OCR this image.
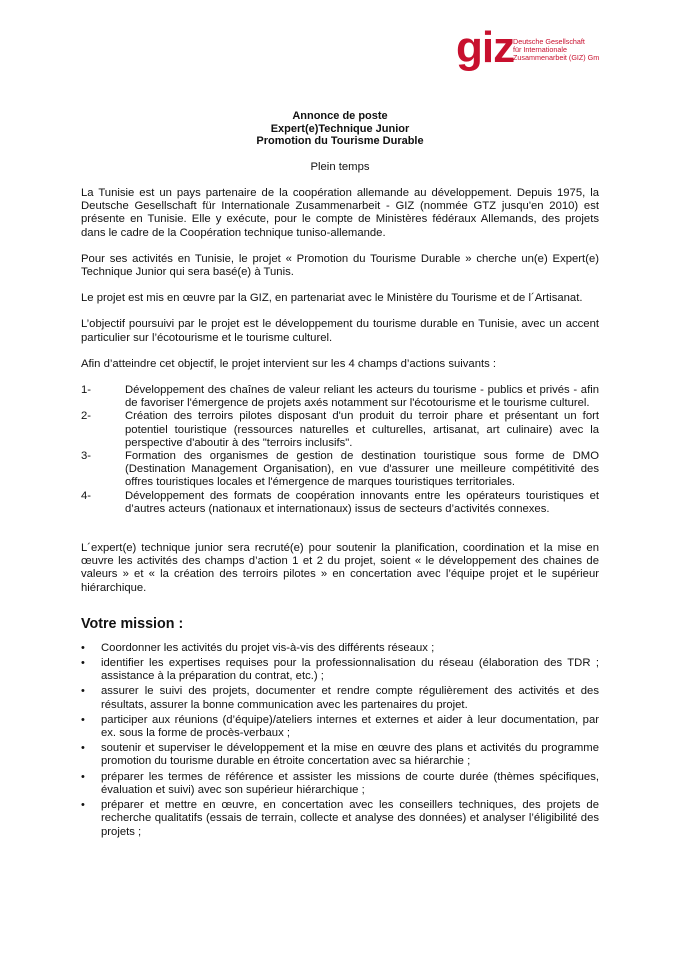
giz
Deutsche Gesellschaft
für Internationale
Zusammenarbeit (GIZ) Gm
Annonce de poste
Expert(e)Technique Junior
Promotion du Tourisme Durable
Plein temps

La Tunisie est un pays partenaire de la coopération allemande au développement. Depuis 1975, la Deutsche Gesellschaft für Internationale Zusammenarbeit - GIZ (nommée GTZ jusqu'en 2010) est présente en Tunisie. Elle y exécute, pour le compte de Ministères fédéraux Allemands, des projets dans le cadre de la Coopération technique tuniso-allemande.

Pour ses activités en Tunisie, le projet « Promotion du Tourisme Durable » cherche un(e) Expert(e) Technique Junior qui sera basé(e) à Tunis.

Le projet est mis en œuvre par la GIZ, en partenariat avec le Ministère du Tourisme et de l´Artisanat.

L’objectif poursuivi par le projet est le développement du tourisme durable en Tunisie, avec un accent particulier sur l’écotourisme et le tourisme culturel.

Afin d’atteindre cet objectif, le projet intervient sur les 4 champs d’actions suivants :

1-	Développement des chaînes de valeur reliant les acteurs du tourisme - publics et privés - afin de favoriser l'émergence de projets axés notamment sur l'écotourisme et le tourisme culturel.
2-	Création des terroirs pilotes disposant d'un produit du terroir phare et présentant un fort potentiel touristique (ressources naturelles et culturelles, artisanat, art culinaire) avec la perspective d'aboutir à des "terroirs inclusifs".
3-	Formation des organismes de gestion de destination touristique sous forme de DMO (Destination Management Organisation), en vue d'assurer une meilleure compétitivité des offres touristiques locales et l'émergence de marques touristiques territoriales.
4-	Développement des formats de coopération innovants entre les opérateurs touristiques et d’autres acteurs (nationaux et internationaux) issus de secteurs d’activités connexes.

L´expert(e) technique junior sera recruté(e) pour soutenir la planification, coordination et la mise en œuvre les activités des champs d’action 1 et 2 du projet, soient « le développement des chaines de valeurs » et « la création des terroirs pilotes » en concertation avec l’équipe projet et le supérieur hiérarchique.

Votre mission :
•	Coordonner les activités du projet vis-à-vis des différents réseaux ;
•	identifier les expertises requises pour la professionnalisation du réseau (élaboration des TDR ; assistance à la préparation du contrat, etc.) ;
•	assurer le suivi des projets, documenter et rendre compte régulièrement des activités et des résultats, assurer la bonne communication avec les partenaires du projet.
•	participer aux réunions (d’équipe)/ateliers internes et externes et aider à leur documentation, par ex. sous la forme de procès-verbaux ;
•	soutenir et superviser le développement et la mise en œuvre des plans et activités du programme promotion du tourisme durable en étroite concertation avec sa hiérarchie ;
•	préparer les termes de référence et assister les missions de courte durée (thèmes spécifiques, évaluation et suivi) avec son supérieur hiérarchique ;
•	préparer et mettre en œuvre, en concertation avec les conseillers techniques, des projets de recherche qualitatifs (essais de terrain, collecte et analyse des données) et analyser l’éligibilité des projets ;
